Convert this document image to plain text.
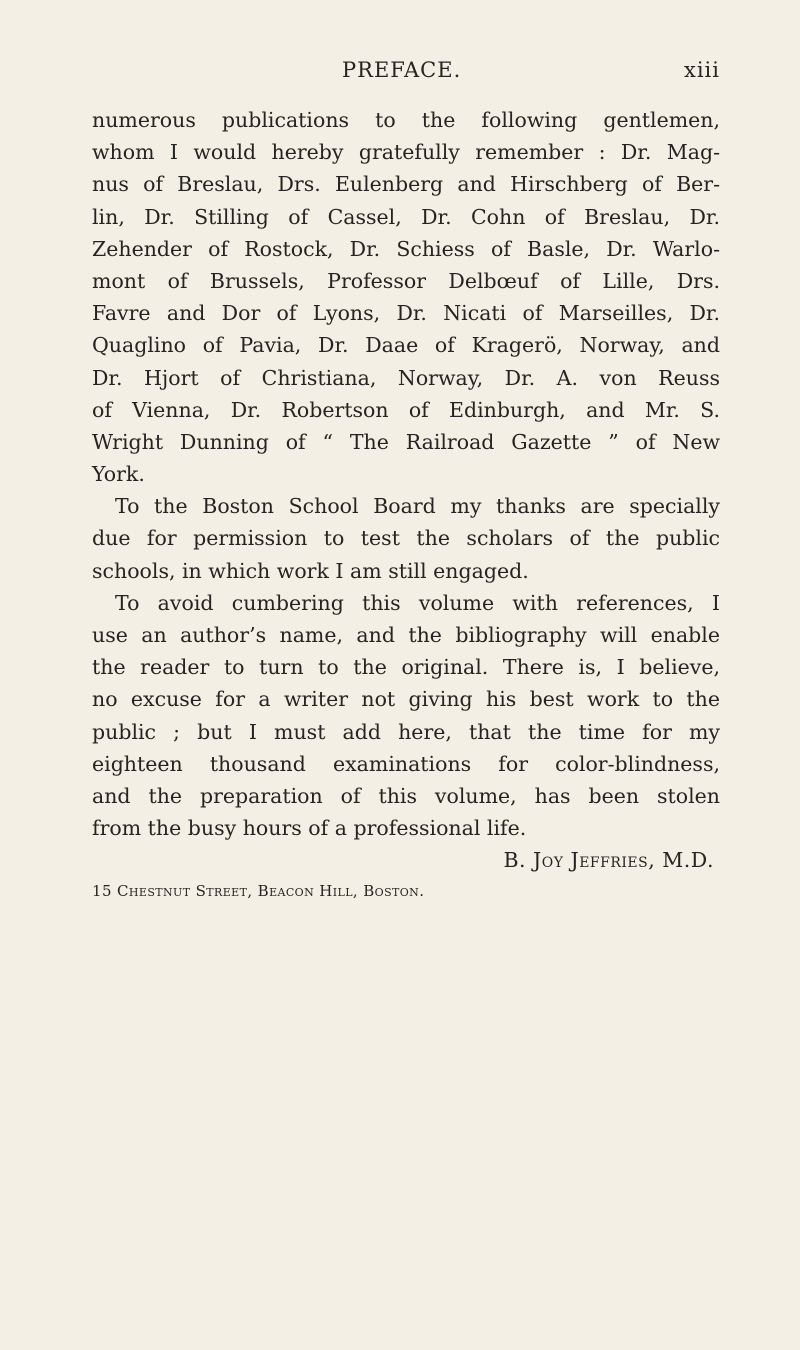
PREFACE.	xiii
numerous publications to the following gentlemen,
whom I would hereby gratefully remember : Dr. Mag-
nus of Breslau, Drs. Eulenberg and Hirschberg of Ber-
lin, Dr. Stilling of Cassel, Dr. Cohn of Breslau, Dr.
Zehender of Rostock, Dr. Schiess of Basle, Dr. Warlo-
mont of Brussels, Professor Delbœuf of Lille, Drs.
Favre and Dor of Lyons, Dr. Nicati of Marseilles, Dr.
Quaglino of Pavia, Dr. Daae of Kragerö, Norway, and
Dr. Hjort of Christiana, Norway, Dr. A. von Reuss
of Vienna, Dr. Robertson of Edinburgh, and Mr. S.
Wright Dunning of “ The Railroad Gazette ” of New
York.
To the Boston School Board my thanks are specially
due for permission to test the scholars of the public
schools, in which work I am still engaged.
To avoid cumbering this volume with references, I
use an author’s name, and the bibliography will enable
the reader to turn to the original. There is, I believe,
no excuse for a writer not giving his best work to the
public ; but I must add here, that the time for my
eighteen thousand examinations for color-blindness,
and the preparation of this volume, has been stolen
from the busy hours of a professional life.
B. Joy Jeffries, M.D.
15 Chestnut Street, Beacon Hill, Boston.
